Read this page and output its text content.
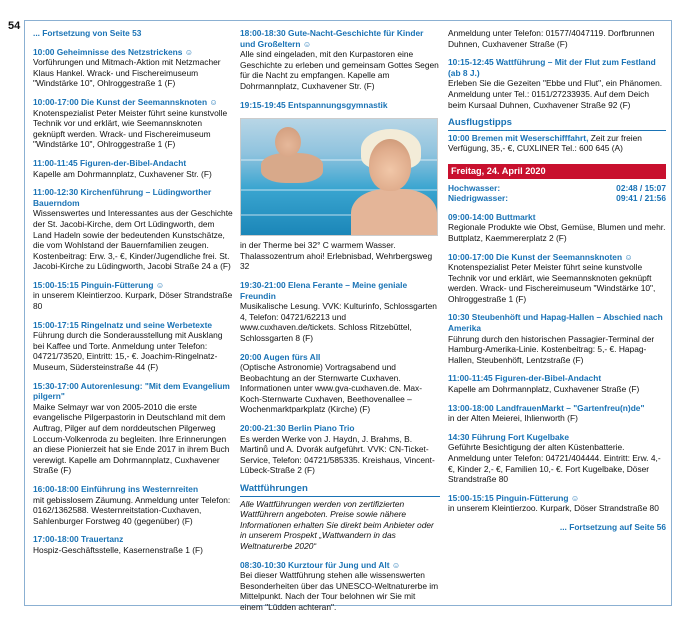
54
... Fortsetzung von Seite 53
10:00 Geheimnisse des Netzstrickens ☺
Vorführungen und Mitmach-Aktion mit Netzmacher Klaus Hankel. Wrack- und Fischereimuseum "Windstärke 10", Ohlroggestraße 1 (F)
10:00-17:00 Die Kunst der Seemannsknoten ☺
Knotenspezialist Peter Meister führt seine kunstvolle Technik vor und erklärt, wie Seemannsknoten geknüpft werden. Wrack- und Fischereimuseum "Windstärke 10", Ohlroggestraße 1 (F)
11:00-11:45 Figuren-der-Bibel-Andacht
Kapelle am Dohrmannplatz, Cuxhavener Str. (F)
11:00-12:30 Kirchenführung – Lüdingworther Bauerndom
Wissenswertes und Interessantes aus der Geschichte der St. Jacobi-Kirche, dem Ort Lüdingworth, dem Land Hadeln sowie der bedeutenden Kunstschätze, die vom Wohlstand der Bauernfamilien zeugen. Kostenbeitrag: Erw. 3,- €, Kinder/Jugendliche frei. St. Jacobi-Kirche zu Lüdingworth, Jacobi Straße 24 a (F)
15:00-15:15 Pinguin-Fütterung ☺
in unserem Kleintierzoo. Kurpark, Döser Strandstraße 80
15:00-17:15 Ringelnatz und seine Werbetexte
Führung durch die Sonderausstellung mit Ausklang bei Kaffee und Torte. Anmeldung unter Telefon: 04721/73520, Eintritt: 15,- €. Joachim-Ringelnatz-Museum, Südersteinstraße 44 (F)
15:30-17:00 Autorenlesung: "Mit dem Evangelium pilgern"
Maike Selmayr war von 2005-2010 die erste evangelische Pilgerpastorin in Deutschland mit dem Auftrag, Pilger auf dem norddeutschen Pilgerweg Loccum-Volkenroda zu begleiten. Ihre Erinnerungen an diese Pionierzeit hat sie Ende 2017 in ihrem Buch verewigt. Kapelle am Dohrmannplatz, Cuxhavener Straße (F)
16:00-18:00 Einführung ins Westernreiten
mit gebisslosem Zäumung. Anmeldung unter Telefon: 0162/1362588. Westernreitstation-Cuxhaven, Sahlenburger Forstweg 40 (gegenüber) (F)
17:00-18:00 Trauertanz
Hospiz-Geschäftsstelle, Kasernenstraße 1 (F)
18:00-18:30 Gute-Nacht-Geschichte für Kinder und Großeltern ☺
Alle sind eingeladen, mit den Kurpastoren eine Geschichte zu erleben und gemeinsam Gottes Segen für die Nacht zu empfangen. Kapelle am Dohrmannplatz, Cuxhavener Str. (F)
19:15-19:45 Entspannungsgymnastik
in der Therme bei 32° C warmem Wasser. Thalassozentrum ahoi! Erlebnisbad, Wehrbergsweg 32
19:30-21:00 Elena Ferante – Meine geniale Freundin
Musikalische Lesung. VVK: Kulturinfo, Schlossgarten 4, Telefon: 04721/62213 und www.cuxhaven.de/tickets. Schloss Ritzebüttel, Schlossgarten 8 (F)
20:00 Augen fürs All
(Optische Astronomie) Vortragsabend und Beobachtung an der Sternwarte Cuxhaven. Informationen unter www.gva-cuxhaven.de. Max-Koch-Sternwarte Cuxhaven, Beethovenallee – Wochenmarktparkplatz (Kirche) (F)
20:00-21:30 Berlin Piano Trio
Es werden Werke von J. Haydn, J. Brahms, B. Martinů und A. Dvorák aufgeführt. VVK: CN-Ticket-Service, Telefon: 04721/585335. Kreishaus, Vincent-Lübeck-Straße 2 (F)
Wattführungen
Alle Wattführungen werden von zertifizierten Wattführern angeboten. Preise sowie nähere Informationen erhalten Sie direkt beim Anbieter oder in unserem Prospekt „Wattwandern in das Weltnaturerbe 2020“
08:30-10:30 Kurztour für Jung und Alt ☺
Bei dieser Wattführung stehen alle wissenswerten Besonderheiten über das UNESCO-Weltnaturerbe im Mittelpunkt. Nach der Tour belohnen wir Sie mit einem "Lüdden achteran".
Anmeldung unter Telefon: 01577/4047119. Dorfbrunnen Duhnen, Cuxhavener Straße (F)
10:15-12:45 Wattführung – Mit der Flut zum Festland (ab 8 J.)
Erleben Sie die Gezeiten "Ebbe und Flut", ein Phänomen. Anmeldung unter Tel.: 0151/27233935. Auf dem Deich beim Kursaal Duhnen, Cuxhavener Straße 92 (F)
Ausflugstipps
10:00 Bremen mit Weserschifffahrt, Zeit zur freien Verfügung, 35,- €, CUXLINER Tel.: 600 645 (A)
Freitag, 24. April 2020
Hochwasser:	02:48 / 15:07
Niedrigwasser:	09:41 / 21:56
09:00-14:00 Buttmarkt
Regionale Produkte wie Obst, Gemüse, Blumen und mehr. Buttplatz, Kaemmererplatz 2 (F)
10:00-17:00 Die Kunst der Seemannsknoten ☺
Knotenspezialist Peter Meister führt seine kunstvolle Technik vor und erklärt, wie Seemannsknoten geknüpft werden. Wrack- und Fischereimuseum "Windstärke 10", Ohlroggestraße 1 (F)
10:30 Steubenhöft und Hapag-Hallen – Abschied nach Amerika
Führung durch den historischen Passagier-Terminal der Hamburg-Amerika-Linie. Kostenbeitrag: 5,- €. Hapag-Hallen, Steubenhöft, Lentzstraße (F)
11:00-11:45 Figuren-der-Bibel-Andacht
Kapelle am Dohrmannplatz, Cuxhavener Straße (F)
13:00-18:00 LandfrauenMarkt – "Gartenfreu(n)de"
in der Alten Meierei, Ihlienworth (F)
14:30 Führung Fort Kugelbake
Geführte Besichtigung der alten Küstenbatterie. Anmeldung unter Telefon: 04721/404444. Eintritt: Erw. 4,- €, Kinder 2,- €, Familien 10,- €. Fort Kugelbake, Döser Strandstraße 80
15:00-15:15 Pinguin-Fütterung ☺
in unserem Kleintierzoo. Kurpark, Döser Strandstraße 80
... Fortsetzung auf Seite 56
